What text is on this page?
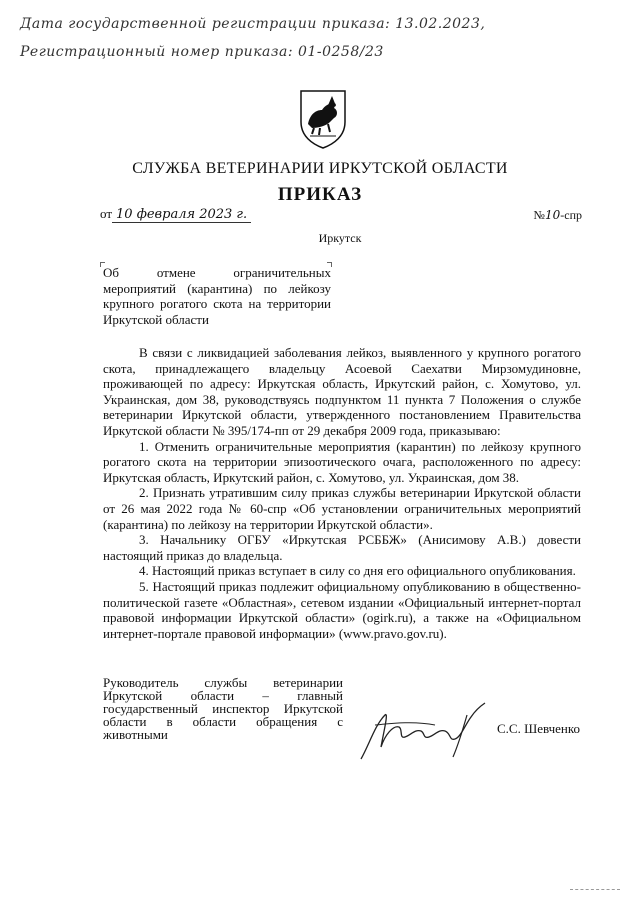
Дата государственной регистрации приказа: 13.02.2023,
Регистрационный номер приказа: 01-0258/23
СЛУЖБА ВЕТЕРИНАРИИ ИРКУТСКОЙ ОБЛАСТИ
ПРИКАЗ
от 10 февраля 2023 г.	№10-спр
Иркутск
Об отмене ограничительных мероприятий (карантина) по лейкозу крупного рогатого скота на территории Иркутской области

В связи с ликвидацией заболевания лейкоз, выявленного у крупного рогатого скота, принадлежащего владельцу Асоевой Саехатви Мирзомудиновне, проживающей по адресу: Иркутская область, Иркутский район, с. Хомутово, ул. Украинская, дом 38, руководствуясь подпунктом 11 пункта 7 Положения о службе ветеринарии Иркутской области, утвержденного постановлением Правительства Иркутской области № 395/174-пп от 29 декабря 2009 года, приказываю:

1. Отменить ограничительные мероприятия (карантин) по лейкозу крупного рогатого скота на территории эпизоотического очага, расположенного по адресу: Иркутская область, Иркутский район, с. Хомутово, ул. Украинская, дом 38.

2. Признать утратившим силу приказ службы ветеринарии Иркутской области от 26 мая 2022 года № 60-спр «Об установлении ограничительных мероприятий (карантина) по лейкозу на территории Иркутской области».

3. Начальнику ОГБУ «Иркутская РСББЖ» (Анисимову А.В.) довести настоящий приказ до владельца.

4. Настоящий приказ вступает в силу со дня его официального опубликования.

5. Настоящий приказ подлежит официальному опубликованию в общественно-политической газете «Областная», сетевом издании «Официальный интернет-портал правовой информации Иркутской области» (ogirk.ru), а также на «Официальном интернет-портале правовой информации» (www.pravo.gov.ru).

Руководитель службы ветеринарии Иркутской области – главный государственный инспектор Иркутской области в области обращения с животными	С.С. Шевченко
